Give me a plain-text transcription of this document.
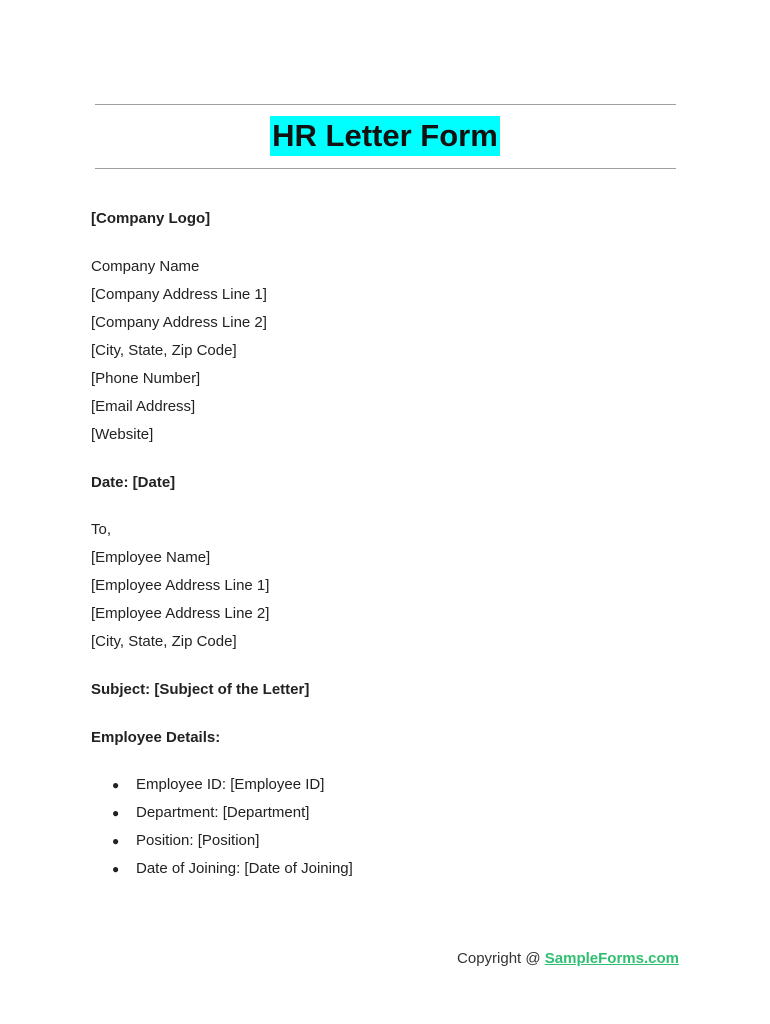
HR Letter Form
[Company Logo]
Company Name
[Company Address Line 1]
[Company Address Line 2]
[City, State, Zip Code]
[Phone Number]
[Email Address]
[Website]
Date: [Date]
To,
[Employee Name]
[Employee Address Line 1]
[Employee Address Line 2]
[City, State, Zip Code]
Subject: [Subject of the Letter]
Employee Details:
● Employee ID: [Employee ID]
● Department: [Department]
● Position: [Position]
● Date of Joining: [Date of Joining]
Copyright @ SampleForms.com
